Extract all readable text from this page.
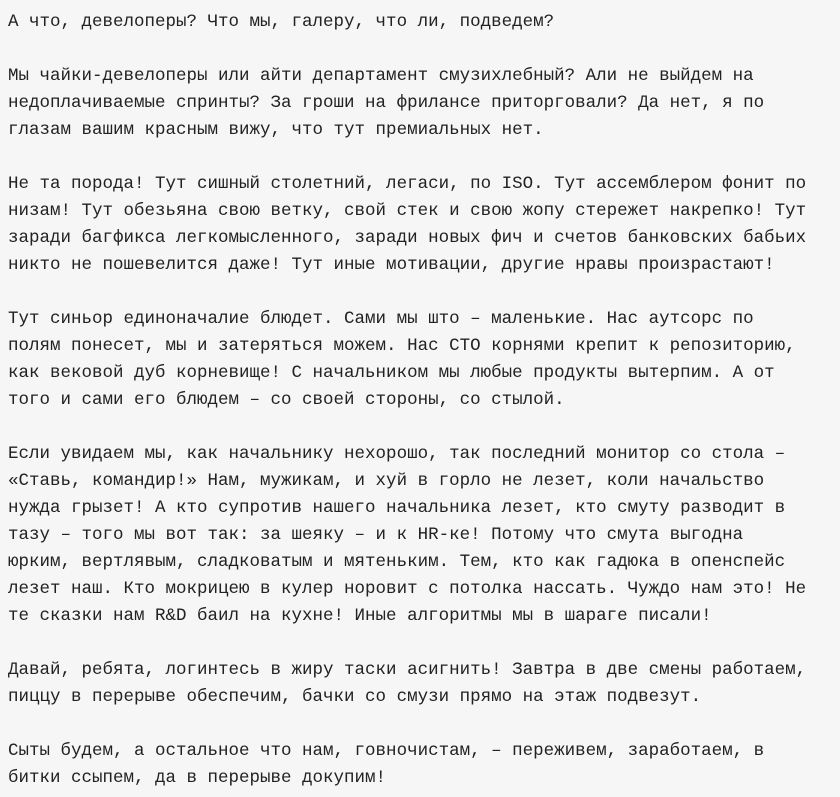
А что, девелоперы? Что мы, галеру, что ли, подведем?

Мы чайки-девелоперы или айти департамент смузихлебный? Али не выйдем на
недоплачиваемые спринты? За гроши на фрилансе приторговали? Да нет, я по
глазам вашим красным вижу, что тут премиальных нет.

Не та порода! Тут сишный столетний, легаси, по ISO. Тут ассемблером фонит по
низам! Тут обезьяна свою ветку, свой стек и свою жопу стережет накрепко! Тут
заради багфикса легкомысленного, заради новых фич и счетов банковских бабьих
никто не пошевелится даже! Тут иные мотивации, другие нравы произрастают!

Тут синьор единоначалие блюдет. Сами мы што – маленькие. Нас аутсорс по
полям понесет, мы и затеряться можем. Нас CTO корнями крепит к репозиторию,
как вековой дуб корневище! С начальником мы любые продукты вытерпим. А от
того и сами его блюдем – со своей стороны, со стылой.

Если увидаем мы, как начальнику нехорошо, так последний монитор со стола –
«Ставь, командир!» Нам, мужикам, и хуй в горло не лезет, коли начальство
нужда грызет! А кто супротив нашего начальника лезет, кто смуту разводит в
тазу – того мы вот так: за шеяку – и к HR-ке! Потому что смута выгодна
юрким, вертлявым, сладковатым и мятеньким. Тем, кто как гадюка в опенспейс
лезет наш. Кто мокрицею в кулер норовит с потолка нассать. Чуждо нам это! Не
те сказки нам R&D баил на кухне! Иные алгоритмы мы в шараге писали!

Давай, ребята, логинтесь в жиру таски асигнить! Завтра в две смены работаем,
пиццу в перерыве обеспечим, бачки со смузи прямо на этаж подвезут.

Сыты будем, а остальное что нам, говночистам, – переживем, заработаем, в
битки ссыпем, да в перерыве докупим!
